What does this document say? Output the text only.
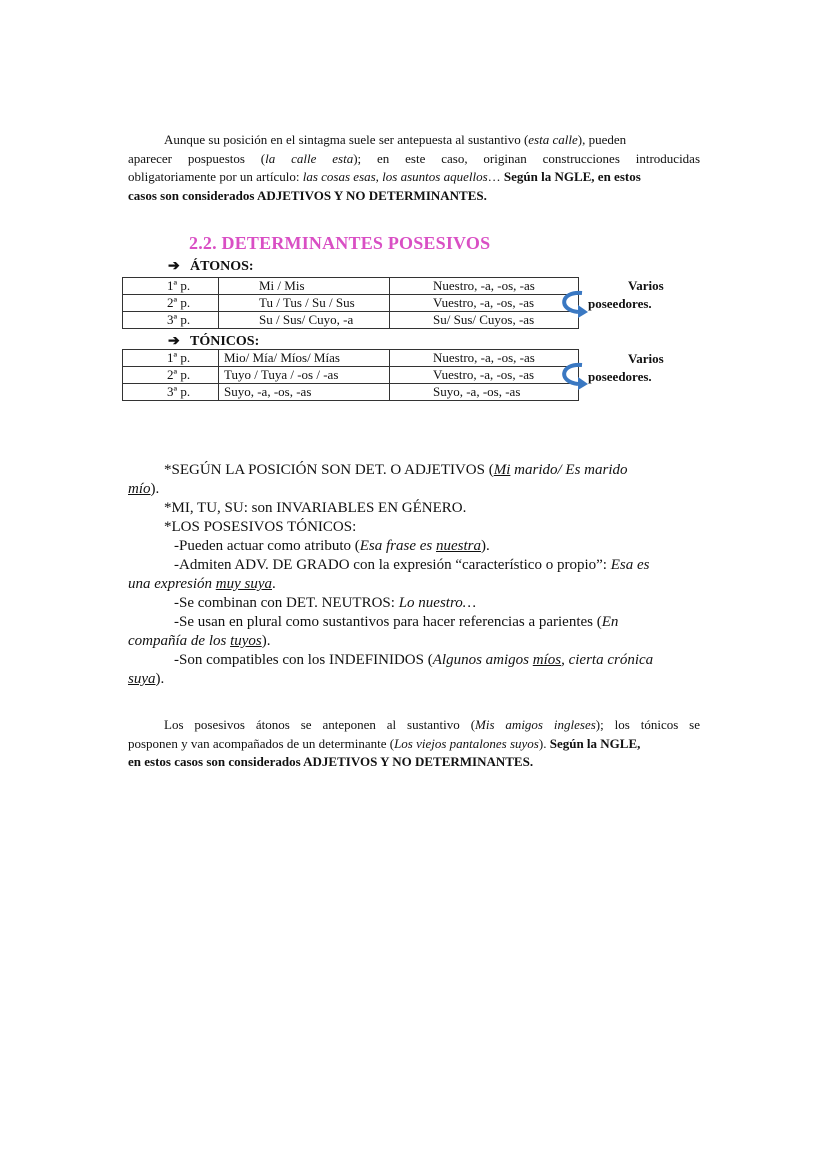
Aunque su posición en el sintagma suele ser antepuesta al sustantivo (esta calle), pueden
aparecer pospuestos (la calle esta); en este caso, originan construcciones introducidas
obligatoriamente por un artículo: las cosas esas, los asuntos aquellos… Según la NGLE, en estos
casos son considerados ADJETIVOS Y NO DETERMINANTES.
2.2. DETERMINANTES POSESIVOS
➔ ÁTONOS:
1ª p.	Mi / Mis	Nuestro, -a, -os, -as
2ª p.	Tu / Tus / Su / Sus	Vuestro, -a, -os, -as
3ª p.	Su / Sus/ Cuyo, -a	Su/ Sus/ Cuyos, -as
Varios
poseedores.
➔ TÓNICOS:
1ª p.	Mio/ Mía/ Míos/ Mías	Nuestro, -a, -os, -as
2ª p.	Tuyo / Tuya / -os / -as	Vuestro, -a, -os, -as
3ª p.	Suyo, -a, -os, -as	Suyo, -a, -os, -as
Varios
poseedores.
*SEGÚN LA POSICIÓN SON DET. O ADJETIVOS (Mi marido/ Es marido
mío).
*MI, TU, SU: son INVARIABLES EN GÉNERO.
*LOS POSESIVOS TÓNICOS:
-Pueden actuar como atributo (Esa frase es nuestra).
-Admiten ADV. DE GRADO con la expresión “característico o propio”: Esa es
una expresión muy suya.
-Se combinan con DET. NEUTROS: Lo nuestro…
-Se usan en plural como sustantivos para hacer referencias a parientes (En
compañía de los tuyos).
-Son compatibles con los INDEFINIDOS (Algunos amigos míos, cierta crónica
suya).
Los posesivos átonos se anteponen al sustantivo (Mis amigos ingleses); los tónicos se
posponen y van acompañados de un determinante (Los viejos pantalones suyos). Según la NGLE,
en estos casos son considerados ADJETIVOS Y NO DETERMINANTES.
